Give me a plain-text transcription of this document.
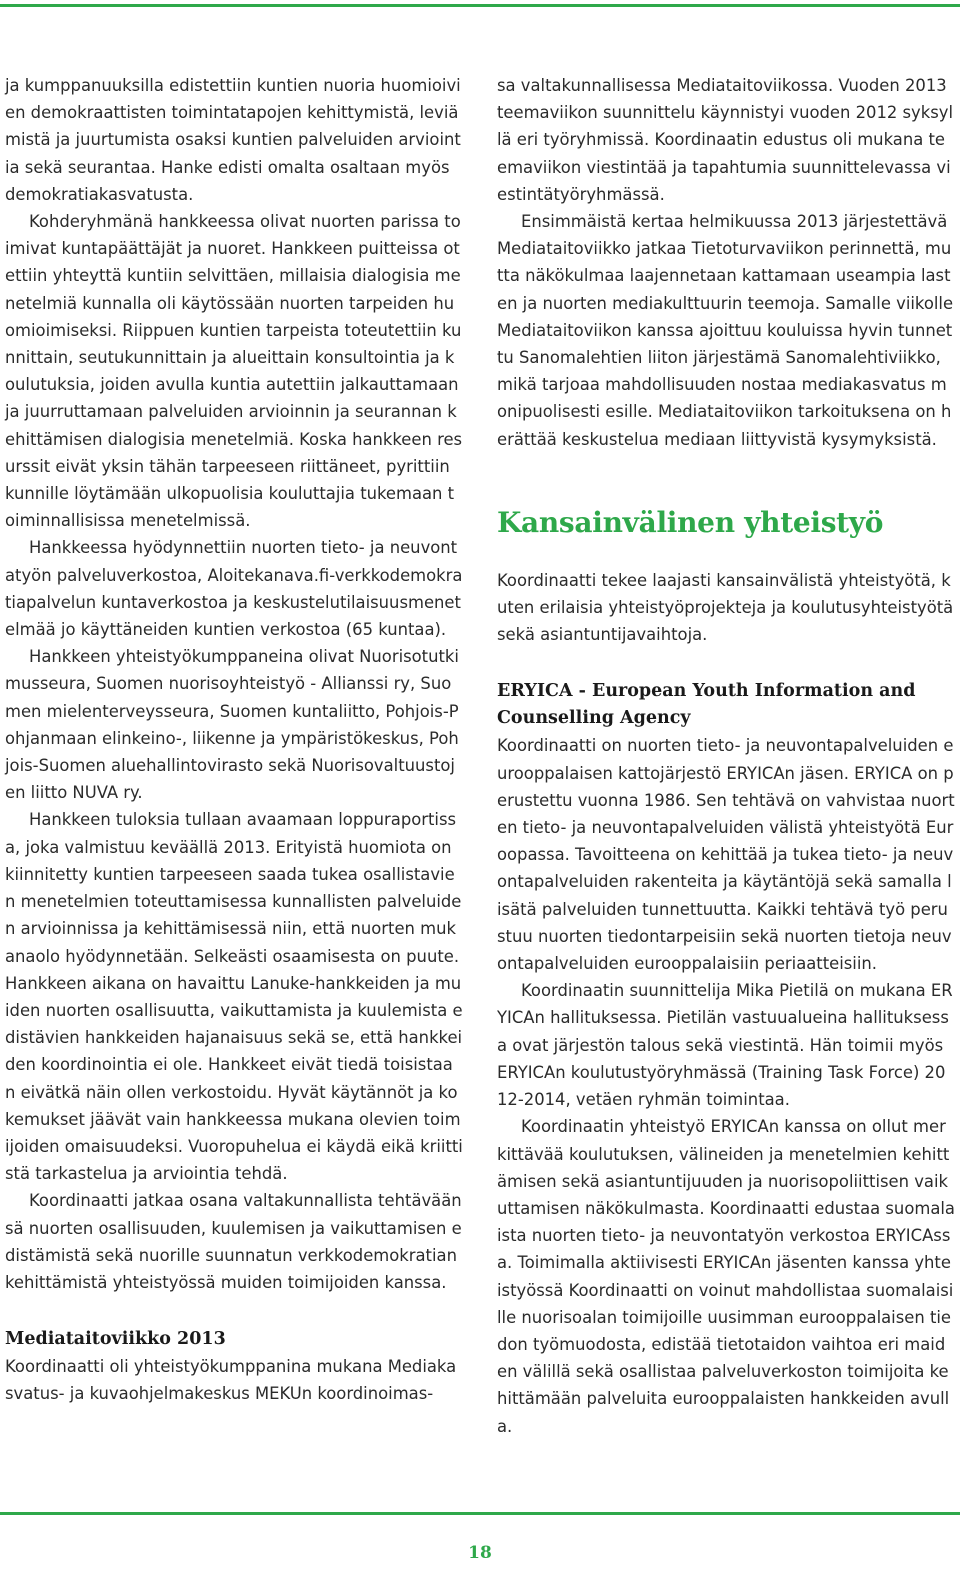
ja kumppanuuksilla edistettiin kuntien nuoria huomioivien demokraattisten toimintatapojen kehittymistä, leviämistä ja juurtumista osaksi kuntien palveluiden arviointia sekä seurantaa. Hanke edisti omalta osaltaan myös demokratiakasvatusta.

Kohderyhmänä hankkeessa olivat nuorten parissa toimivat kuntapäättäjät ja nuoret. Hankkeen puitteissa otettiin yhteyttä kuntiin selvittäen, millaisia dialogisia menetelmiä kunnalla oli käytössään nuorten tarpeiden huomioimiseksi. Riippuen kuntien tarpeista toteutettiin kunnittain, seutukunnittain ja alueittain konsultointia ja koulutuksia, joiden avulla kuntia autettiin jalkauttamaan ja juurruttamaan palveluiden arvioinnin ja seurannan kehittämisen dialogisia menetelmiä. Koska hankkeen resurssit eivät yksin tähän tarpeeseen riittäneet, pyrittiin kunnille löytämään ulkopuolisia kouluttajia tukemaan toiminnallisissa menetelmissä.

Hankkeessa hyödynnettiin nuorten tieto- ja neuvontatyön palveluverkostoa, Aloitekanava.fi-verkkodemokratiapalvelun kuntaverkostoa ja keskustelutilaisuusmenetelmää jo käyttäneiden kuntien verkostoa (65 kuntaa).

Hankkeen yhteistyökumppaneina olivat Nuorisotutkimusseura, Suomen nuorisoyhteistyö - Allianssi ry, Suomen mielenterveysseura, Suomen kuntaliitto, Pohjois-Pohjanmaan elinkeino-, liikenne ja ympäristökeskus, Pohjois-Suomen aluehallintovirasto sekä Nuorisovaltuustojen liitto NUVA ry.

Hankkeen tuloksia tullaan avaamaan loppuraportissa, joka valmistuu keväällä 2013. Erityistä huomiota on kiinnitetty kuntien tarpeeseen saada tukea osallistavien menetelmien toteuttamisessa kunnallisten palveluiden arvioinnissa ja kehittämisessä niin, että nuorten mukanaolo hyödynnetään. Selkeästi osaamisesta on puute. Hankkeen aikana on havaittu Lanuke-hankkeiden ja muiden nuorten osallisuutta, vaikuttamista ja kuulemista edistävien hankkeiden hajanaisuus sekä se, että hankkeiden koordinointia ei ole. Hankkeet eivät tiedä toisistaan eivätkä näin ollen verkostoidu. Hyvät käytännöt ja kokemukset jäävät vain hankkeessa mukana olevien toimijoiden omaisuudeksi. Vuoropuhelua ei käydä eikä kriittistä tarkastelua ja arviointia tehdä.

Koordinaatti jatkaa osana valtakunnallista tehtäväänsä nuorten osallisuuden, kuulemisen ja vaikuttamisen edistämistä sekä nuorille suunnatun verkkodemokratian kehittämistä yhteistyössä muiden toimijoiden kanssa.

Mediataitoviikko 2013

Koordinaatti oli yhteistyökumppanina mukana Mediakasvatus- ja kuvaohjelmakeskus MEKUn koordinoimas-

sa valtakunnallisessa Mediataitoviikossa. Vuoden 2013 teemaviikon suunnittelu käynnistyi vuoden 2012 syksyllä eri työryhmissä. Koordinaatin edustus oli mukana teemaviikon viestintää ja tapahtumia suunnittelevassa viestintätyöryhmässä.

Ensimmäistä kertaa helmikuussa 2013 järjestettävä Mediataitoviikko jatkaa Tietoturvaviikon perinnettä, mutta näkökulmaa laajennetaan kattamaan useampia lasten ja nuorten mediakulttuurin teemoja. Samalle viikolle Mediataitoviikon kanssa ajoittuu kouluissa hyvin tunnettu Sanomalehtien liiton järjestämä Sanomalehtiviikko, mikä tarjoaa mahdollisuuden nostaa mediakasvatus monipuolisesti esille. Mediataitoviikon tarkoituksena on herättää keskustelua mediaan liittyvistä kysymyksistä.

Kansainvälinen yhteistyö

Koordinaatti tekee laajasti kansainvälistä yhteistyötä, kuten erilaisia yhteistyöprojekteja ja koulutusyhteistyötä sekä asiantuntijavaihtoja.

ERYICA - European Youth Information and Counselling Agency

Koordinaatti on nuorten tieto- ja neuvontapalveluiden eurooppalaisen kattojärjestö ERYICAn jäsen. ERYICA on perustettu vuonna 1986. Sen tehtävä on vahvistaa nuorten tieto- ja neuvontapalveluiden välistä yhteistyötä Euroopassa. Tavoitteena on kehittää ja tukea tieto- ja neuvontapalveluiden rakenteita ja käytäntöjä sekä samalla lisätä palveluiden tunnettuutta. Kaikki tehtävä työ perustuu nuorten tiedontarpeisiin sekä nuorten tietoja neuvontapalveluiden eurooppalaisiin periaatteisiin.

Koordinaatin suunnittelija Mika Pietilä on mukana ERYICAn hallituksessa. Pietilän vastuualueina hallituksessa ovat järjestön talous sekä viestintä. Hän toimii myös ERYICAn koulutustyöryhmässä (Training Task Force) 2012-2014, vetäen ryhmän toimintaa.

Koordinaatin yhteistyö ERYICAn kanssa on ollut merkittävää koulutuksen, välineiden ja menetelmien kehittämisen sekä asiantuntijuuden ja nuorisopoliittisen vaikuttamisen näkökulmasta. Koordinaatti edustaa suomalaista nuorten tieto- ja neuvontatyön verkostoa ERYICAssa. Toimimalla aktiivisesti ERYICAn jäsenten kanssa yhteistyössä Koordinaatti on voinut mahdollistaa suomalaisille nuorisoalan toimijoille uusimman eurooppalaisen tiedon työmuodosta, edistää tietotaidon vaihtoa eri maiden välillä sekä osallistaa palveluverkoston toimijoita kehittämään palveluita eurooppalaisten hankkeiden avulla.

18
